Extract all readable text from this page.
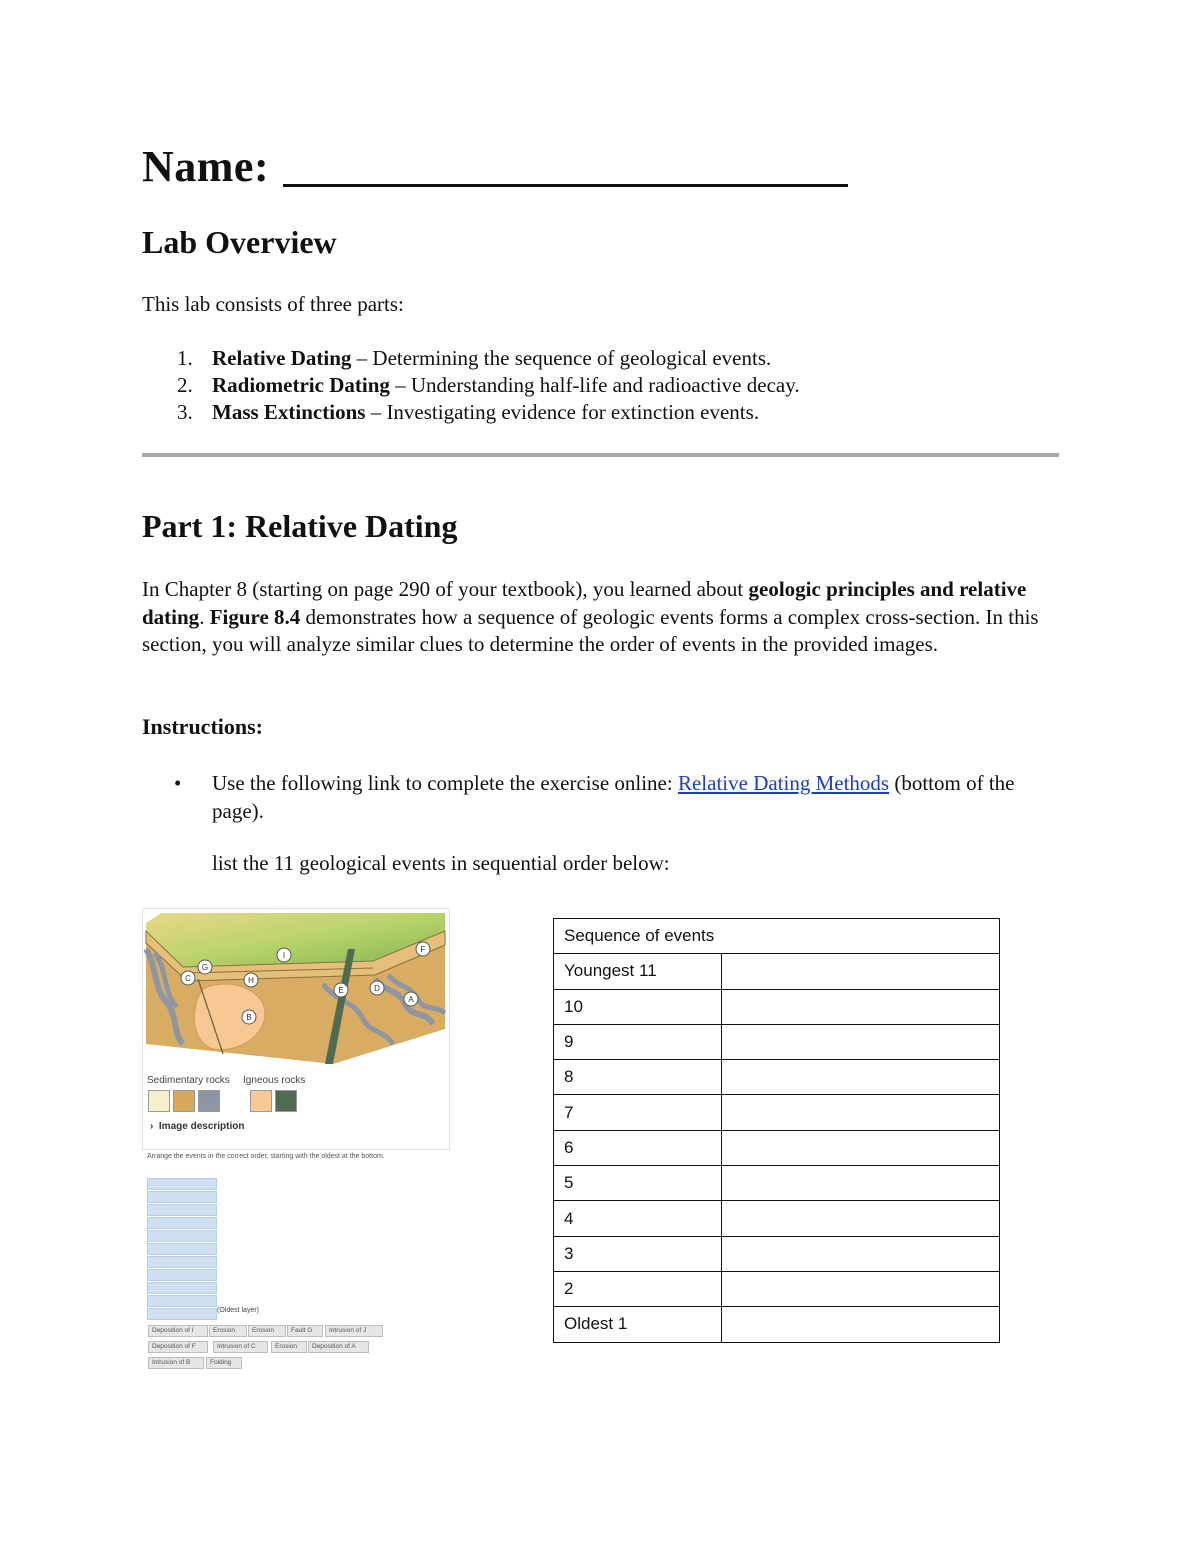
Name:
Lab Overview
This lab consists of three parts:
1. Relative Dating – Determining the sequence of geological events.
2. Radiometric Dating – Understanding half-life and radioactive decay.
3. Mass Extinctions – Investigating evidence for extinction events.
Part 1: Relative Dating
In Chapter 8 (starting on page 290 of your textbook), you learned about geologic principles and relative dating. Figure 8.4 demonstrates how a sequence of geologic events forms a complex cross-section. In this section, you will analyze similar clues to determine the order of events in the provided images.
Instructions:
•	Use the following link to complete the exercise online: Relative Dating Methods (bottom of the page).
list the 11 geological events in sequential order below:
I
F
C
G
H
E	D
A
B
Sedimentary rocks Igneous rocks
› Image description
Arrange the events in the correct order, starting with the oldest at the bottom.
(Oldest layer)
Deposition of I	Erosion	Erosion	Fault G	Intrusion of J
Deposition of F	Intrusion of C	Erosion	Deposition of A
Intrusion of B	Folding
Sequence of events	
Youngest 11	
10	
9	
8	
7	
6	
5	
4	
3	
2	
Oldest 1	
